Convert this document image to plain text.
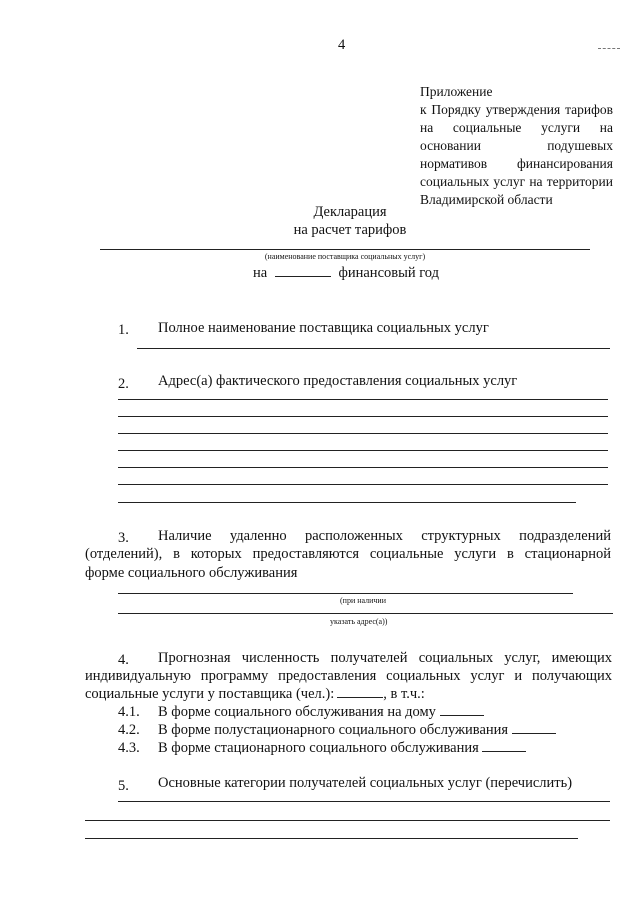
4
Приложение
к Порядку утверждения тарифов
на социальные услуги на
основании подушевых
нормативов финансирования
социальных услуг на территории
Владимирской области
Декларация
на расчет тарифов
(наименование поставщика социальных услуг)
на	финансовый год
1. Полное наименование поставщика социальных услуг
2. Адрес(а) фактического предоставления социальных услуг
3. Наличие удаленно расположенных структурных подразделений
(отделений), в которых предоставляются социальные услуги в стационарной
форме социального обслуживания
(при наличии
указать адрес(а))
4. Прогнозная численность получателей социальных услуг, имеющих
индивидуальную программу предоставления социальных услуг и получающих
социальные услуги у поставщика (чел.):	, в т.ч.:
4.1. В форме социального обслуживания на дому
4.2. В форме полустационарного социального обслуживания
4.3. В форме стационарного социального обслуживания
5. Основные категории получателей социальных услуг (перечислить)
